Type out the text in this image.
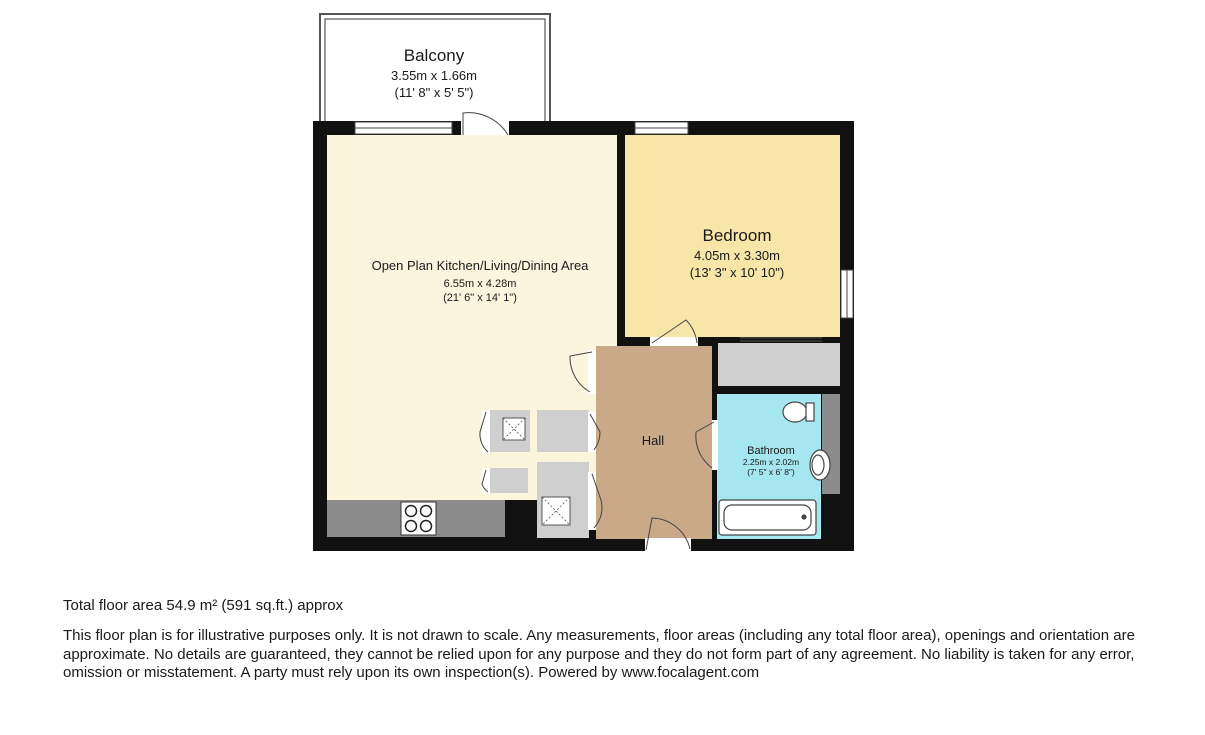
Balcony
3.55m x 1.66m
(11' 8" x 5' 5")
Open Plan Kitchen/Living/Dining Area
6.55m x 4.28m
(21' 6" x 14' 1")
Bedroom
4.05m x 3.30m
(13' 3" x 10' 10")
Hall
Bathroom
2.25m x 2.02m
(7' 5" x 6' 8")

Total floor area 54.9 m² (591 sq.ft.) approx

This floor plan is for illustrative purposes only. It is not drawn to scale. Any measurements, floor areas (including any total floor area), openings and orientation are approximate. No details are guaranteed, they cannot be relied upon for any purpose and they do not form part of any agreement. No liability is taken for any error, omission or misstatement. A party must rely upon its own inspection(s). Powered by www.focalagent.com
